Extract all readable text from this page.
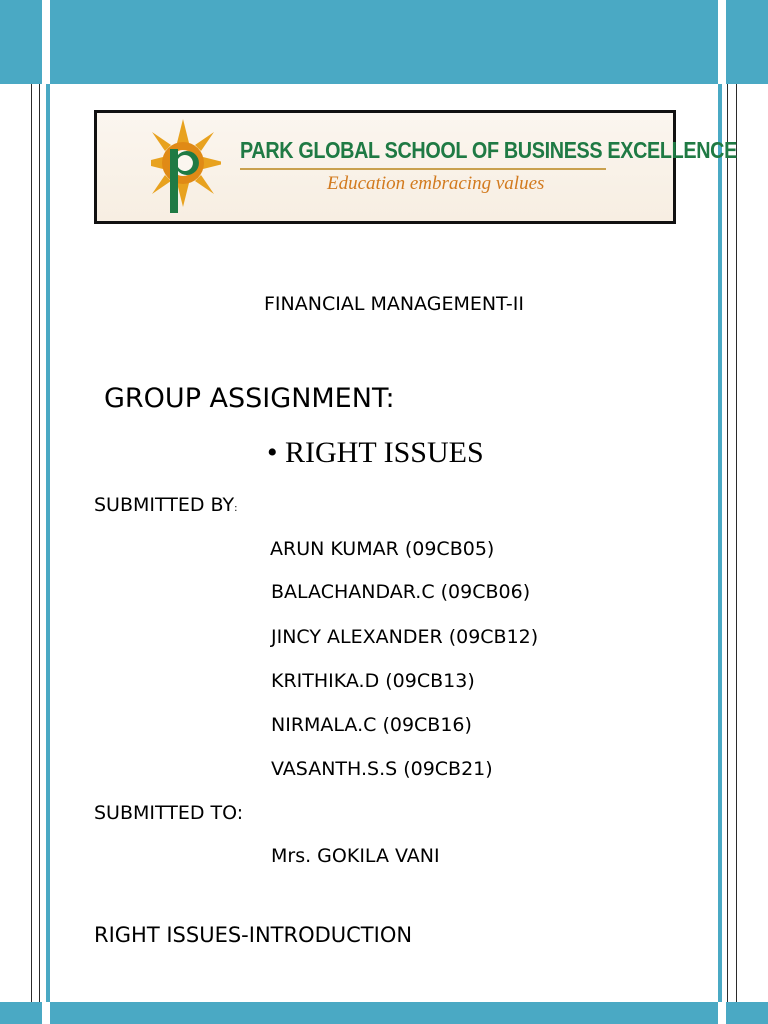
PARK GLOBAL SCHOOL OF BUSINESS EXCELLENCE
Education embracing values
FINANCIAL MANAGEMENT-II
GROUP ASSIGNMENT:
• RIGHT ISSUES
SUBMITTED BY:
ARUN KUMAR (09CB05)
BALACHANDAR.C (09CB06)
JINCY ALEXANDER (09CB12)
KRITHIKA.D (09CB13)
NIRMALA.C (09CB16)
VASANTH.S.S (09CB21)
SUBMITTED TO:
Mrs. GOKILA VANI
RIGHT ISSUES-INTRODUCTION
